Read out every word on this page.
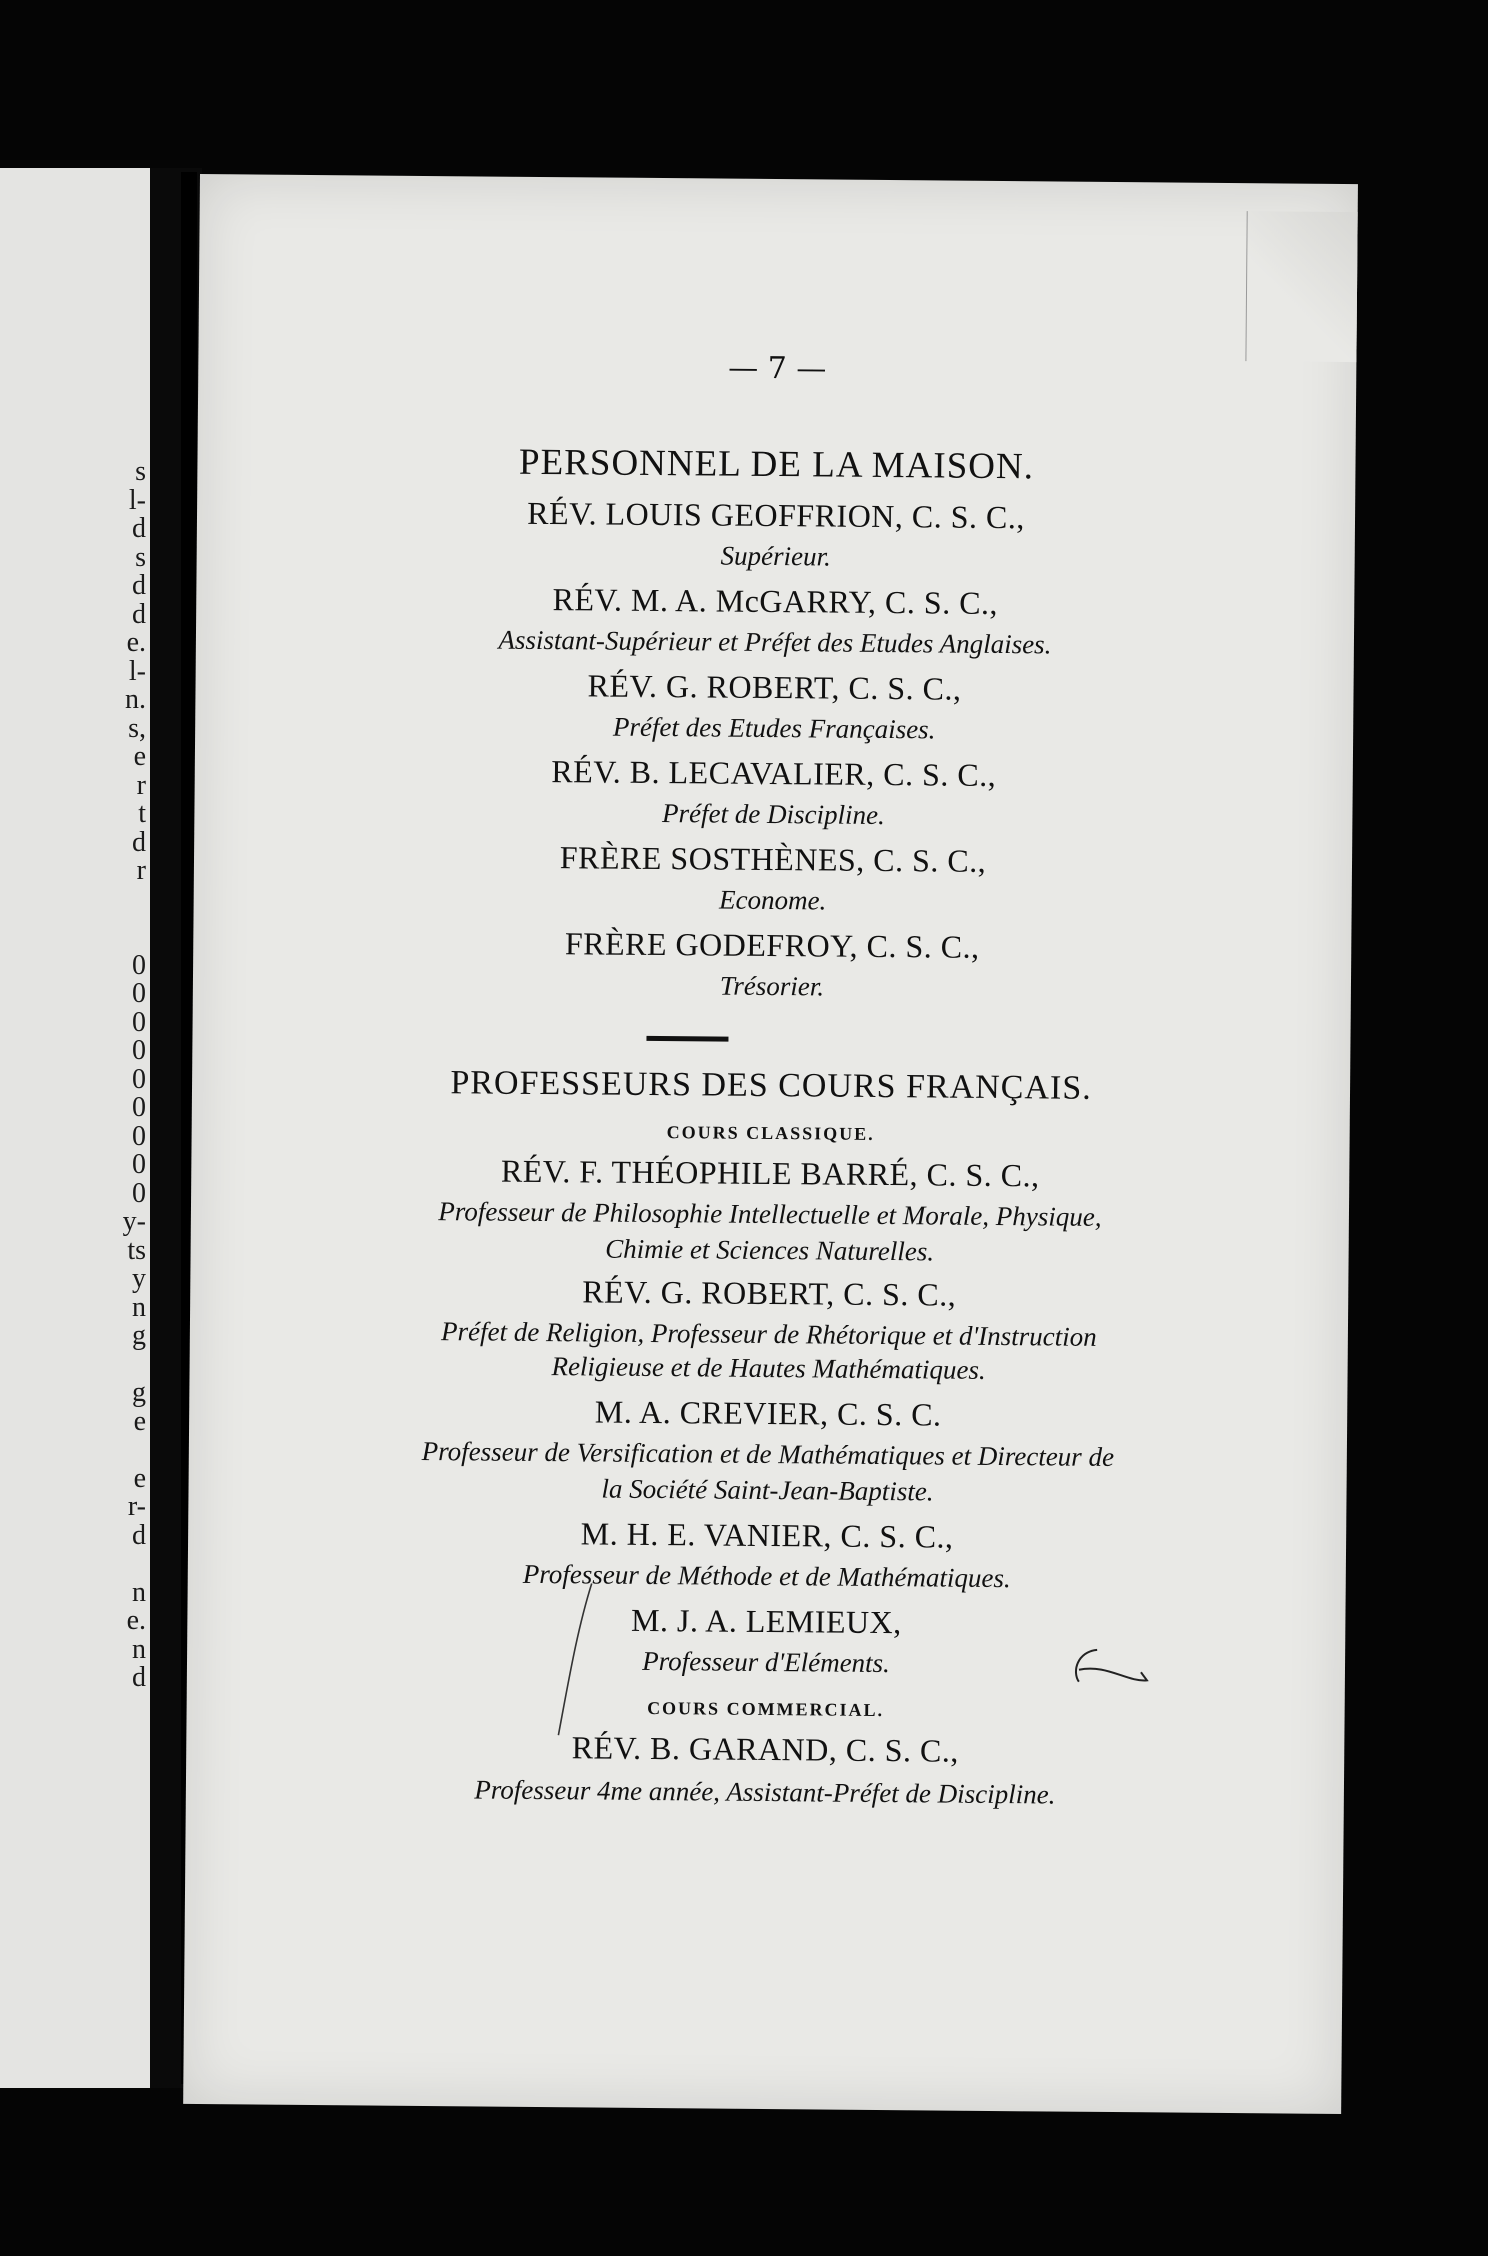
s
l-
d
s
d
d
e.
l-
n.
s,
e
r
t
d
r
0
0
0
0
0
0
0
0
0
y-
ts
y
n
g
g
e
e
r-
d
n
e.
n
d
— 7 —
PERSONNEL DE LA MAISON.
RÉV. LOUIS GEOFFRION, C. S. C.,
Supérieur.
RÉV. M. A. McGARRY, C. S. C.,
Assistant-Supérieur et Préfet des Etudes Anglaises.
RÉV. G. ROBERT, C. S. C.,
Préfet des Etudes Françaises.
RÉV. B. LECAVALIER, C. S. C.,
Préfet de Discipline.
FRÈRE SOSTHÈNES, C. S. C.,
Econome.
FRÈRE GODEFROY, C. S. C.,
Trésorier.
PROFESSEURS DES COURS FRANÇAIS.
COURS CLASSIQUE.
RÉV. F. THÉOPHILE BARRÉ, C. S. C.,
Professeur de Philosophie Intellectuelle et Morale, Physique,
Chimie et Sciences Naturelles.
RÉV. G. ROBERT, C. S. C.,
Préfet de Religion, Professeur de Rhétorique et d'Instruction
Religieuse et de Hautes Mathématiques.
M. A. CREVIER, C. S. C.
Professeur de Versification et de Mathématiques et Directeur de
la Société Saint-Jean-Baptiste.
M. H. E. VANIER, C. S. C.,
Professeur de Méthode et de Mathématiques.
M. J. A. LEMIEUX,
Professeur d'Eléments.
COURS COMMERCIAL.
RÉV. B. GARAND, C. S. C.,
Professeur 4me année, Assistant-Préfet de Discipline.
